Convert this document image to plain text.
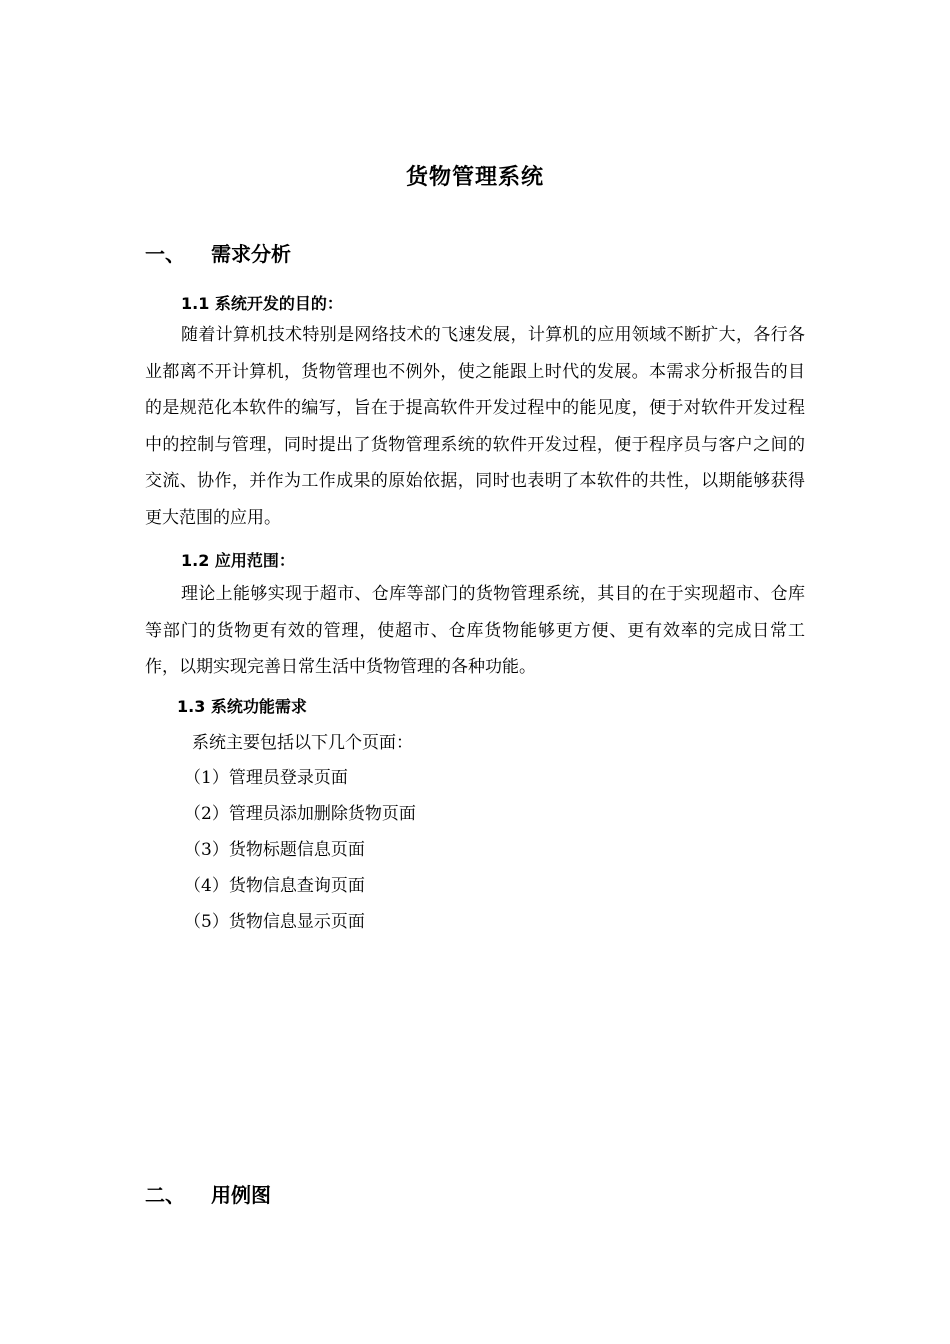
货物管理系统
一、 需求分析
1.1 系统开发的目的：

随着计算机技术特别是网络技术的飞速发展，计算机的应用领域不断扩大，各行各业都离不开计算机，货物管理也不例外，使之能跟上时代的发展。本需求分析报告的目的是规范化本软件的编写，旨在于提高软件开发过程中的能见度，便于对软件开发过程中的控制与管理，同时提出了货物管理系统的软件开发过程，便于程序员与客户之间的交流、协作，并作为工作成果的原始依据，同时也表明了本软件的共性，以期能够获得更大范围的应用。

1.2 应用范围：

理论上能够实现于超市、仓库等部门的货物管理系统，其目的在于实现超市、仓库等部门的货物更有效的管理，使超市、仓库货物能够更方便、更有效率的完成日常工作，以期实现完善日常生活中货物管理的各种功能。

1.3 系统功能需求
系统主要包括以下几个页面：
（1）管理员登录页面
（2）管理员添加删除货物页面
（3）货物标题信息页面
（4）货物信息查询页面
（5）货物信息显示页面
二、 用例图
